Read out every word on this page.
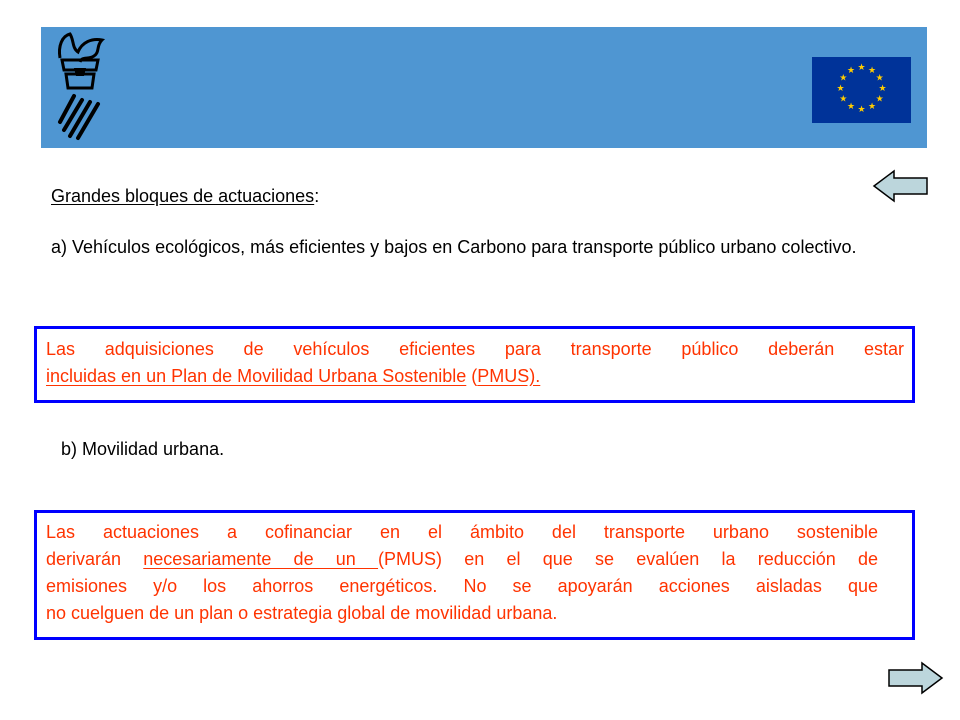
★ ★
★
★
★
★
★
★
★
★
★
★
Grandes bloques de actuaciones:
a) Vehículos ecológicos, más eficientes y bajos en Carbono para transporte público urbano colectivo.
Las adquisiciones de vehículos eficientes para transporte público deberán estar
incluidas en un Plan de Movilidad Urbana Sostenible (PMUS).
b) Movilidad urbana.
Las actuaciones a cofinanciar en el ámbito del transporte urbano sostenible
derivarán necesariamente de un (PMUS) en el que se evalúen la reducción de
emisiones y/o los ahorros energéticos. No se apoyarán acciones aisladas que
no cuelguen de un plan o estrategia global de movilidad urbana.
